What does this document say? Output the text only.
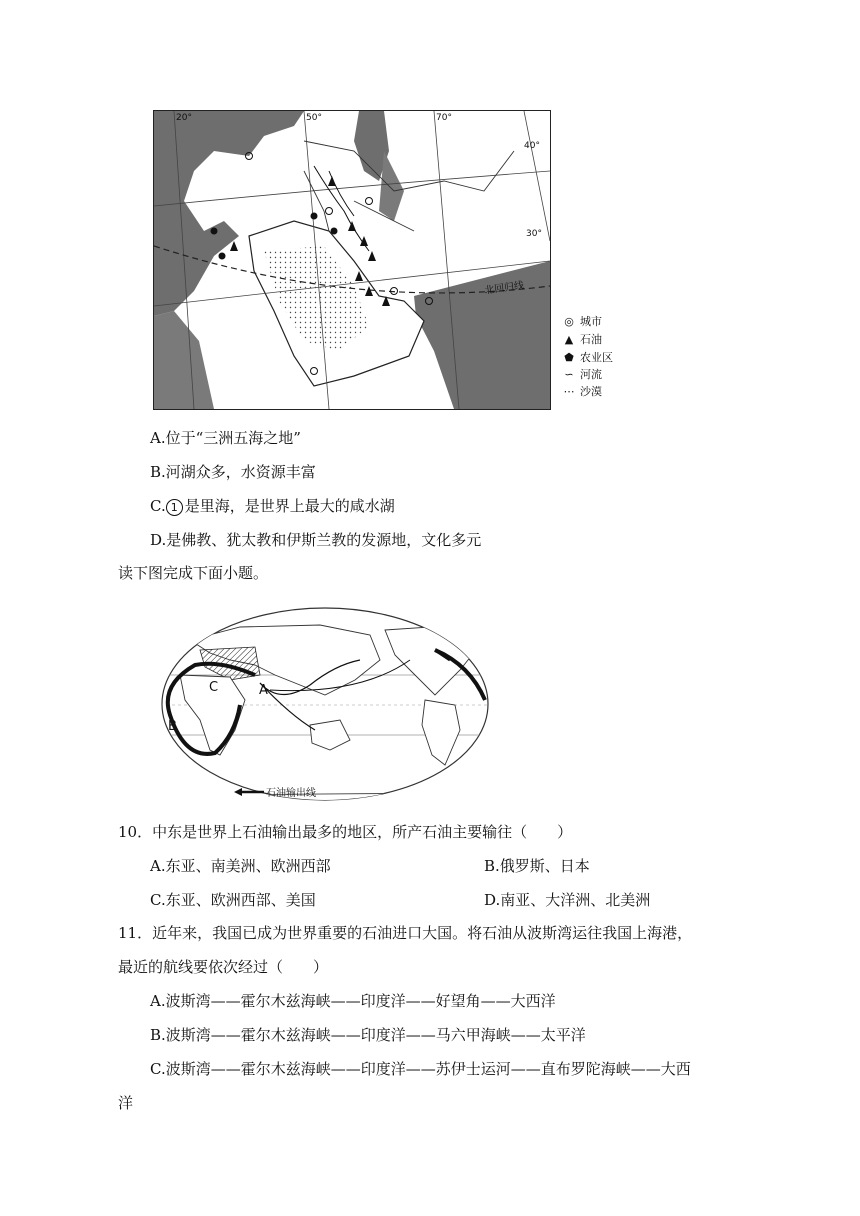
①
北回归线
20°	50°	70°
40°
30°
◎ 城市
▲ 石油
⬟ 农业区
∽ 河流
⋯ 沙漠
A.位于“三洲五海之地”
B.河湖众多，水资源丰富
C. 1 是里海，是世界上最大的咸水湖
D.是佛教、犹太教和伊斯兰教的发源地，文化多元
读下图完成下面小题。
A
B
C
石油输出线
10．中东是世界上石油输出最多的地区，所产石油主要输往（　　）
A.东亚、南美洲、欧洲西部	B.俄罗斯、日本
C.东亚、欧洲西部、美国	D.南亚、大洋洲、北美洲
11．近年来，我国已成为世界重要的石油进口大国。将石油从波斯湾运往我国上海港，
最近的航线要依次经过（　　）
A.波斯湾——霍尔木兹海峡——印度洋——好望角——大西洋
B.波斯湾——霍尔木兹海峡——印度洋——马六甲海峡——太平洋
C.波斯湾——霍尔木兹海峡——印度洋——苏伊士运河——直布罗陀海峡——大西
洋
